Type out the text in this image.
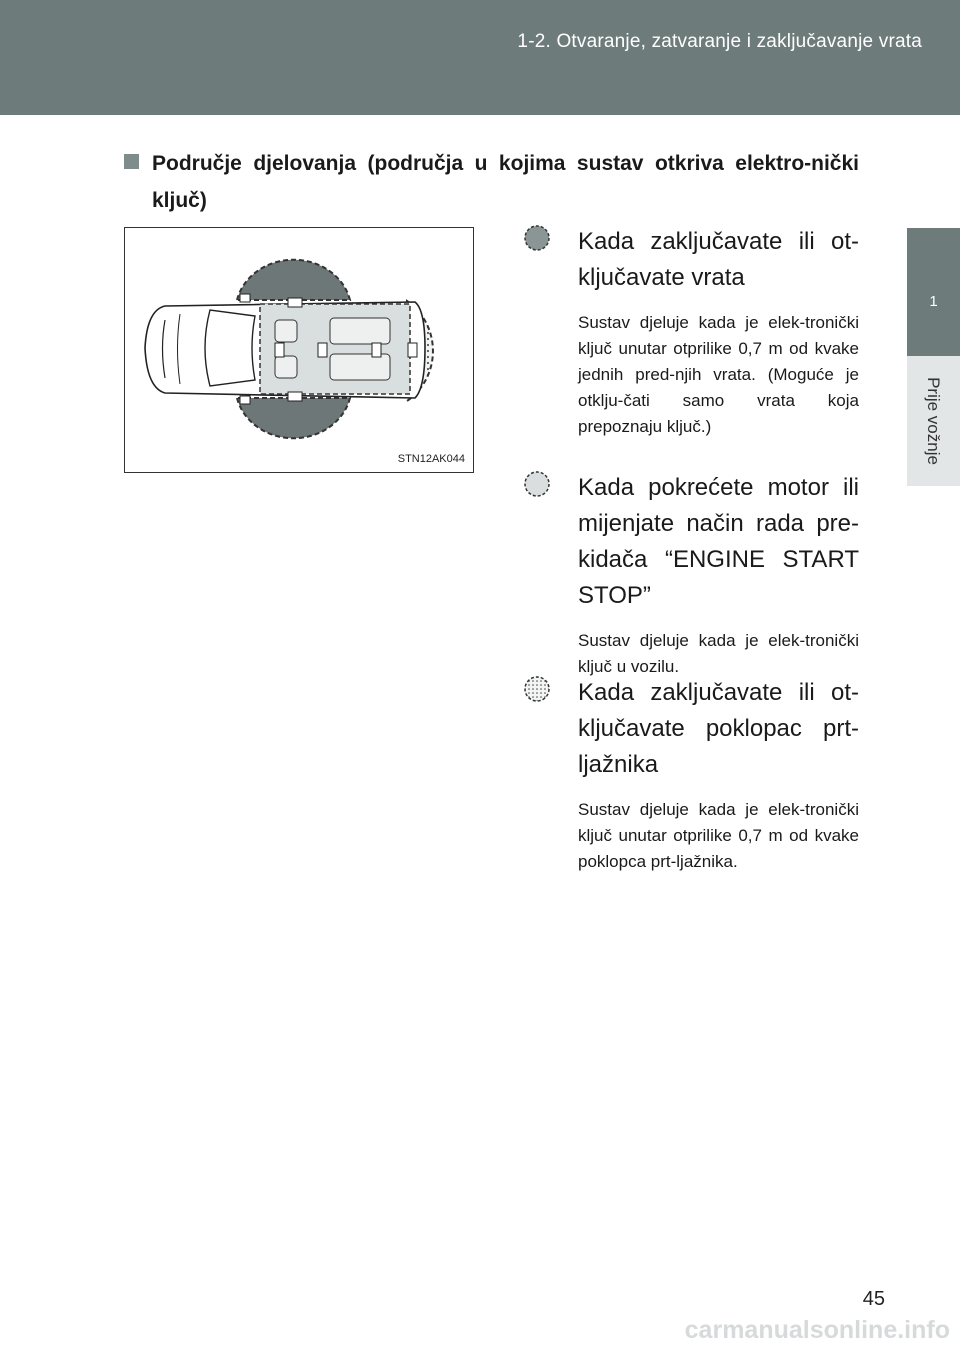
1-2. Otvaranje, zatvaranje i zaključavanje vrata
1
Prije vožnje
Područje djelovanja (područja u kojima sustav otkriva elektro-nički ključ)
STN12AK044
Kada zaključavate ili ot-ključavate vrata
Sustav djeluje kada je elek-tronički ključ unutar otprilike 0,7 m od kvake jednih pred-njih vrata. (Moguće je otklju-čati samo vrata koja prepoznaju ključ.)
Kada pokrećete motor ili mijenjate način rada pre-kidača “ENGINE START STOP”
Sustav djeluje kada je elek-tronički ključ u vozilu.
Kada zaključavate ili ot-ključavate poklopac prt-ljažnika
Sustav djeluje kada je elek-tronički ključ unutar otprilike 0,7 m od kvake poklopca prt-ljažnika.
45
carmanualsonline.info
